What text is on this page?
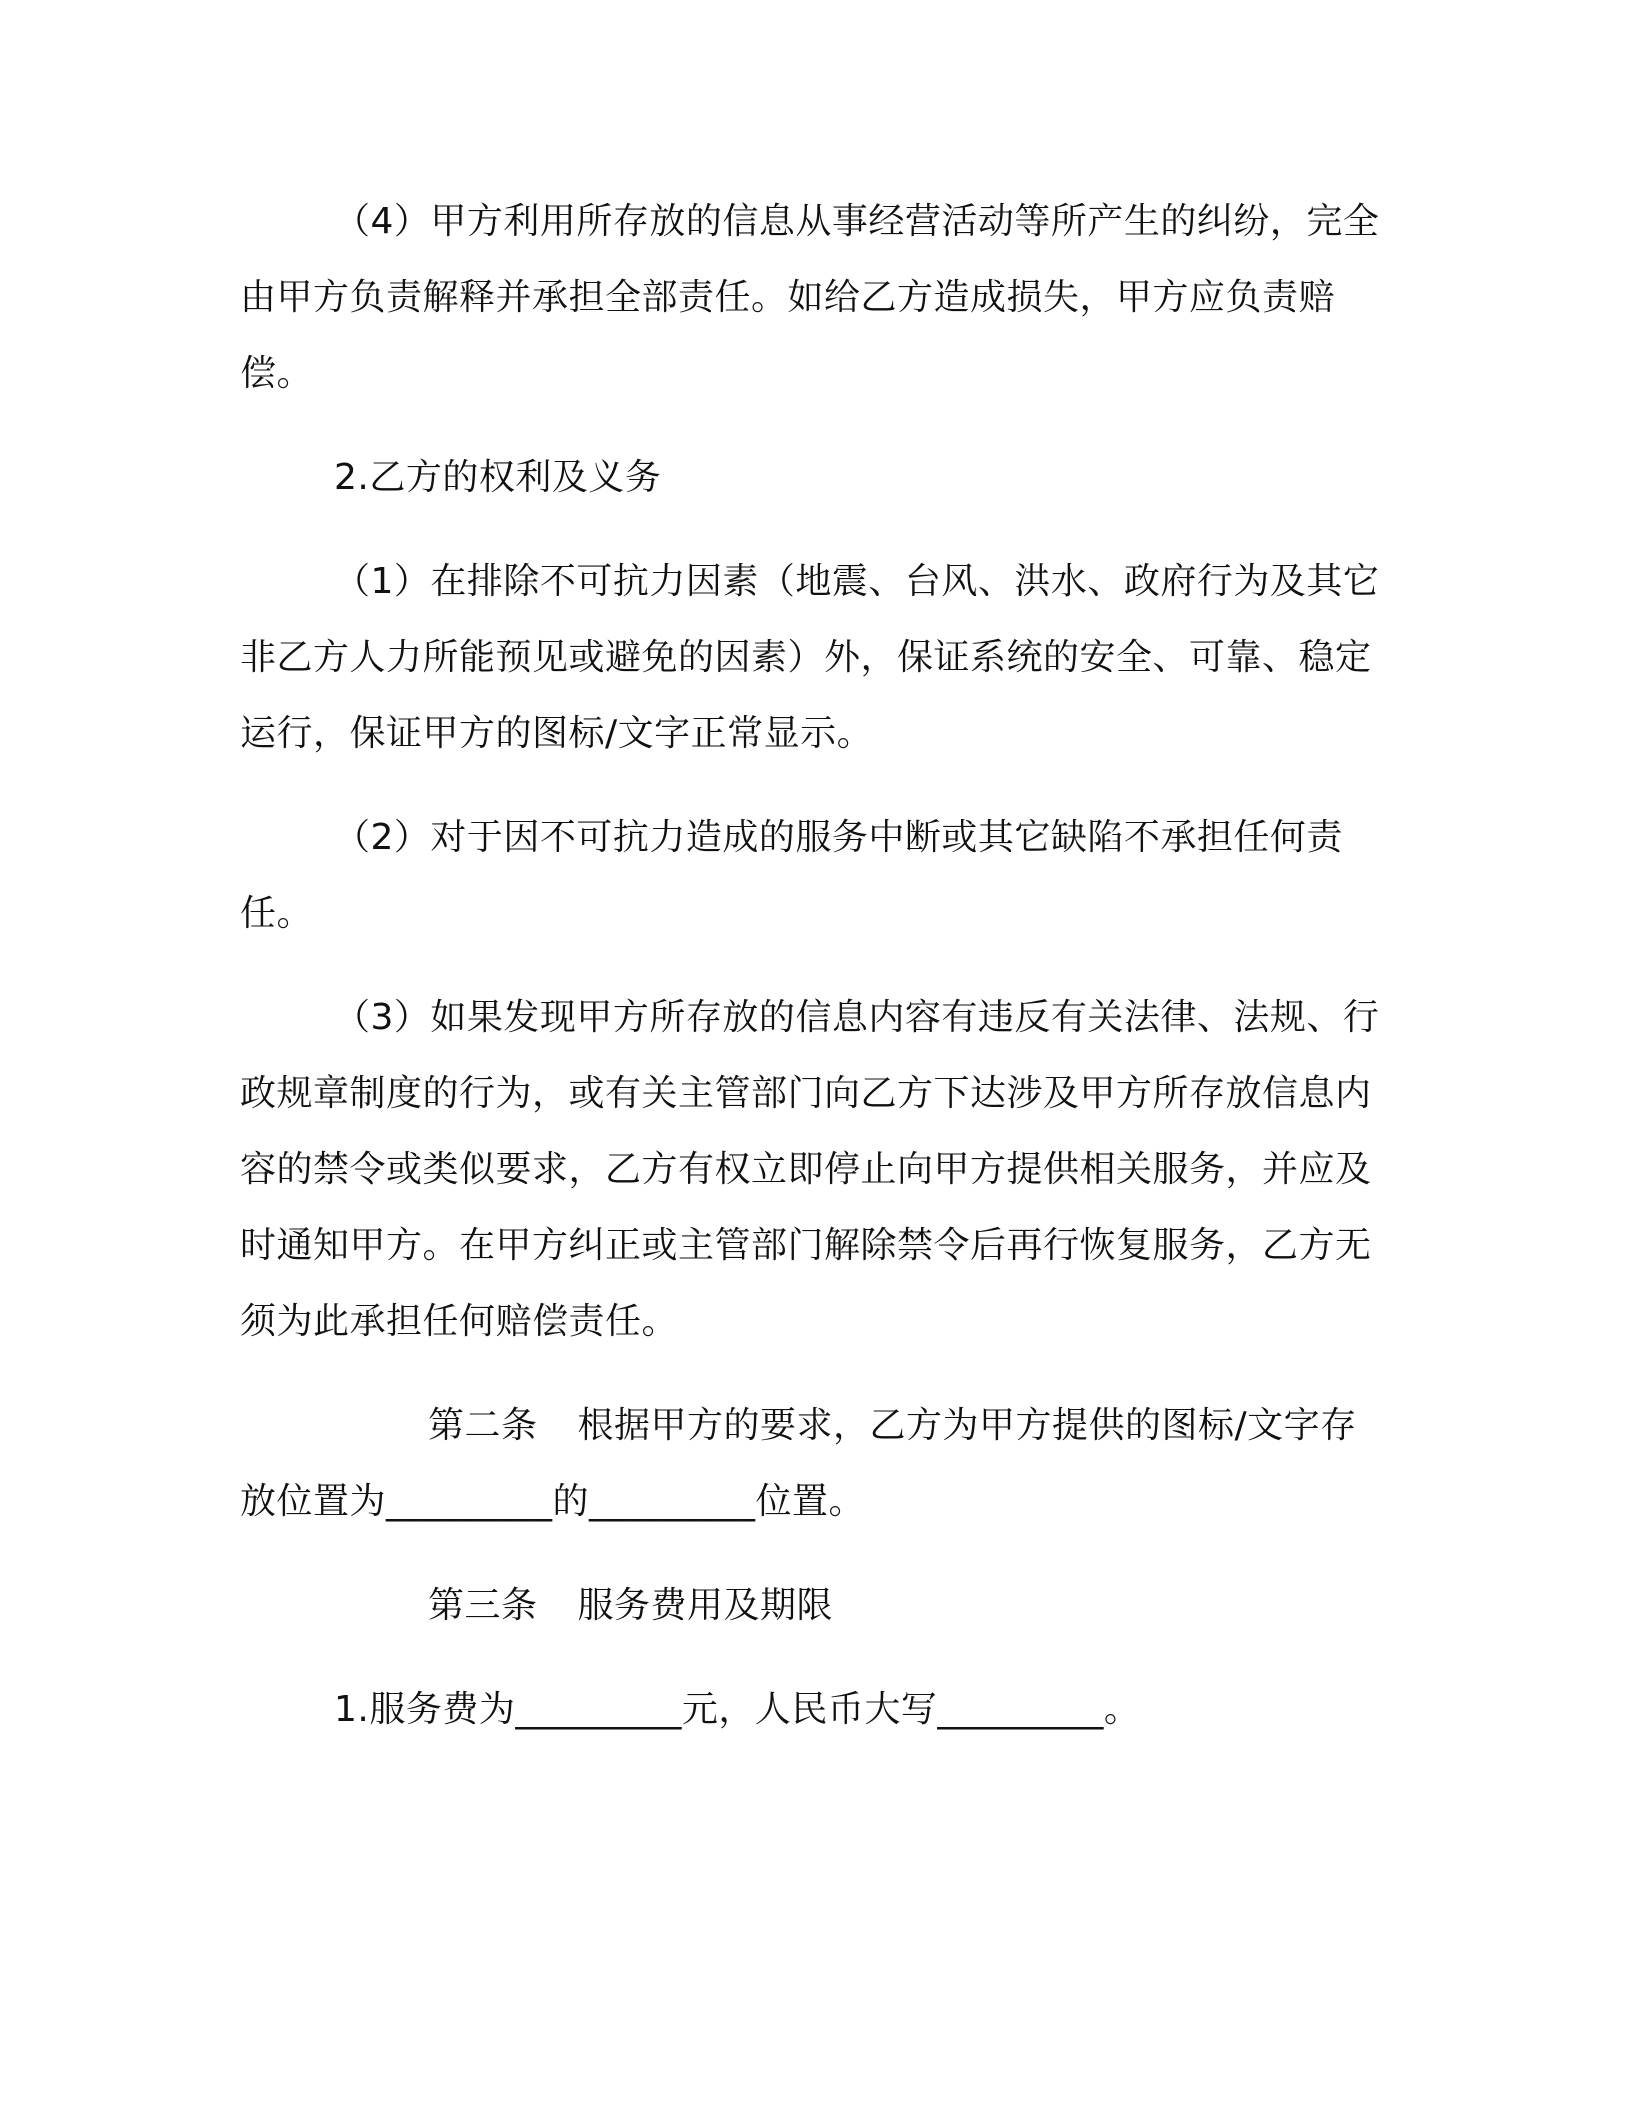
（4）甲方利用所存放的信息从事经营活动等所产生的纠纷，完全由甲方负责解释并承担全部责任。如给乙方造成损失，甲方应负责赔偿。

2.乙方的权利及义务

（1）在排除不可抗力因素（地震、台风、洪水、政府行为及其它非乙方人力所能预见或避免的因素）外，保证系统的安全、可靠、稳定运行，保证甲方的图标/文字正常显示。

（2）对于因不可抗力造成的服务中断或其它缺陷不承担任何责任。

（3）如果发现甲方所存放的信息内容有违反有关法律、法规、行政规章制度的行为，或有关主管部门向乙方下达涉及甲方所存放信息内容的禁令或类似要求，乙方有权立即停止向甲方提供相关服务，并应及时通知甲方。在甲方纠正或主管部门解除禁令后再行恢复服务，乙方无须为此承担任何赔偿责任。

第二条 根据甲方的要求，乙方为甲方提供的图标/文字存放位置为_________的_________位置。

第三条 服务费用及期限

1.服务费为_________元，人民币大写_________。
